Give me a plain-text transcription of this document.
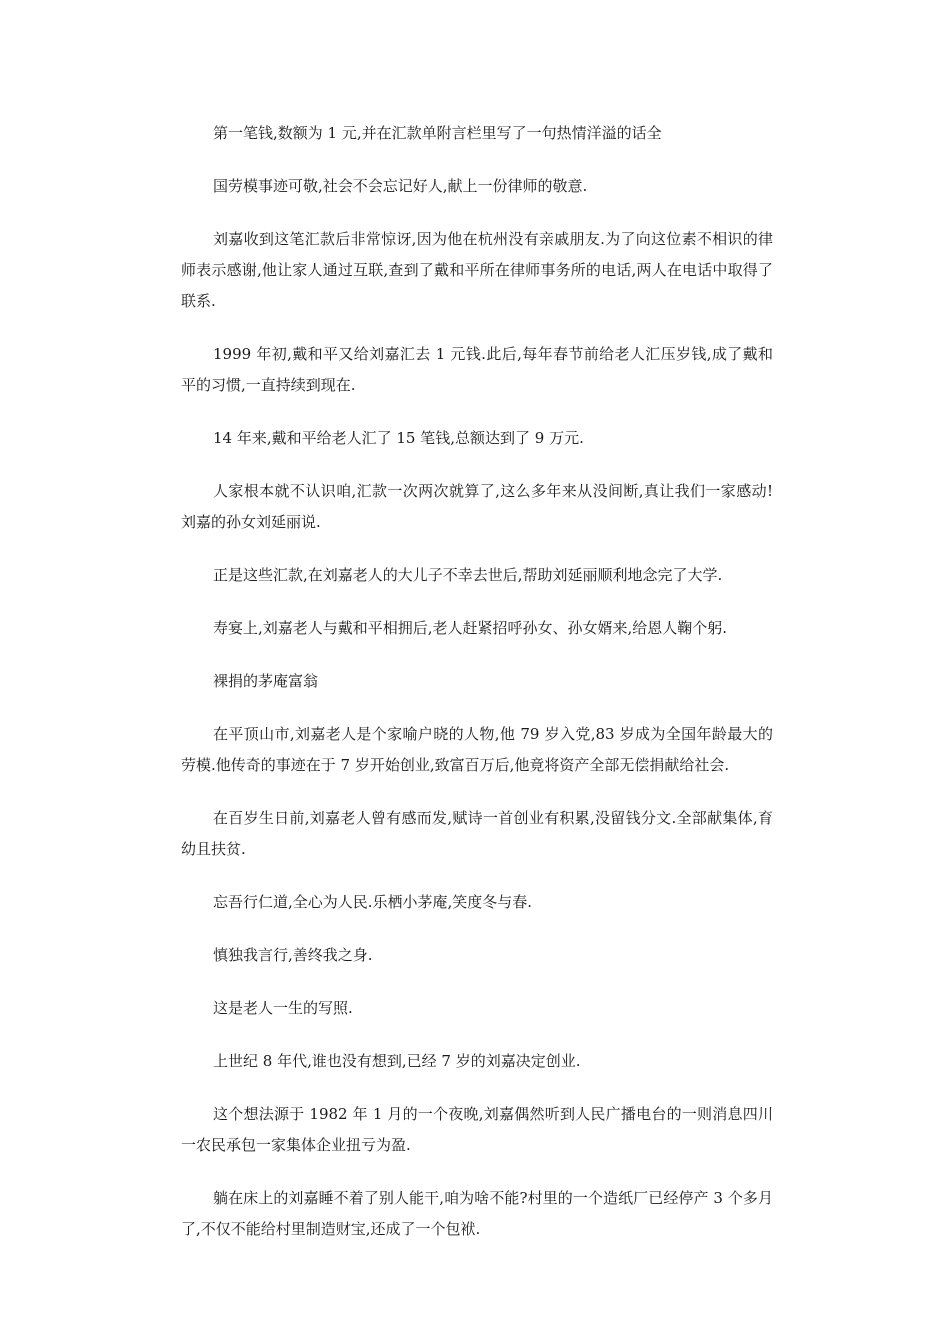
第一笔钱,数额为 1 元,并在汇款单附言栏里写了一句热情洋溢的话全

国劳模事迹可敬,社会不会忘记好人,献上一份律师的敬意.

刘嘉收到这笔汇款后非常惊讶,因为他在杭州没有亲戚朋友.为了向这位素不相识的律师表示感谢,他让家人通过互联,查到了戴和平所在律师事务所的电话,两人在电话中取得了联系.

1999 年初,戴和平又给刘嘉汇去 1 元钱.此后,每年春节前给老人汇压岁钱,成了戴和平的习惯,一直持续到现在.

14 年来,戴和平给老人汇了 15 笔钱,总额达到了 9 万元.

人家根本就不认识咱,汇款一次两次就算了,这么多年来从没间断,真让我们一家感动!刘嘉的孙女刘延丽说.

正是这些汇款,在刘嘉老人的大儿子不幸去世后,帮助刘延丽顺利地念完了大学.

寿宴上,刘嘉老人与戴和平相拥后,老人赶紧招呼孙女、孙女婿来,给恩人鞠个躬.

裸捐的茅庵富翁

在平顶山市,刘嘉老人是个家喻户晓的人物,他 79 岁入党,83 岁成为全国年龄最大的劳模.他传奇的事迹在于 7 岁开始创业,致富百万后,他竟将资产全部无偿捐献给社会.

在百岁生日前,刘嘉老人曾有感而发,赋诗一首创业有积累,没留钱分文.全部献集体,育幼且扶贫.

忘吾行仁道,全心为人民.乐栖小茅庵,笑度冬与春.

慎独我言行,善终我之身.

这是老人一生的写照.

上世纪 8 年代,谁也没有想到,已经 7 岁的刘嘉决定创业.

这个想法源于 1982 年 1 月的一个夜晚,刘嘉偶然听到人民广播电台的一则消息四川一农民承包一家集体企业扭亏为盈.

躺在床上的刘嘉睡不着了别人能干,咱为啥不能?村里的一个造纸厂已经停产 3 个多月了,不仅不能给村里制造财宝,还成了一个包袱.
